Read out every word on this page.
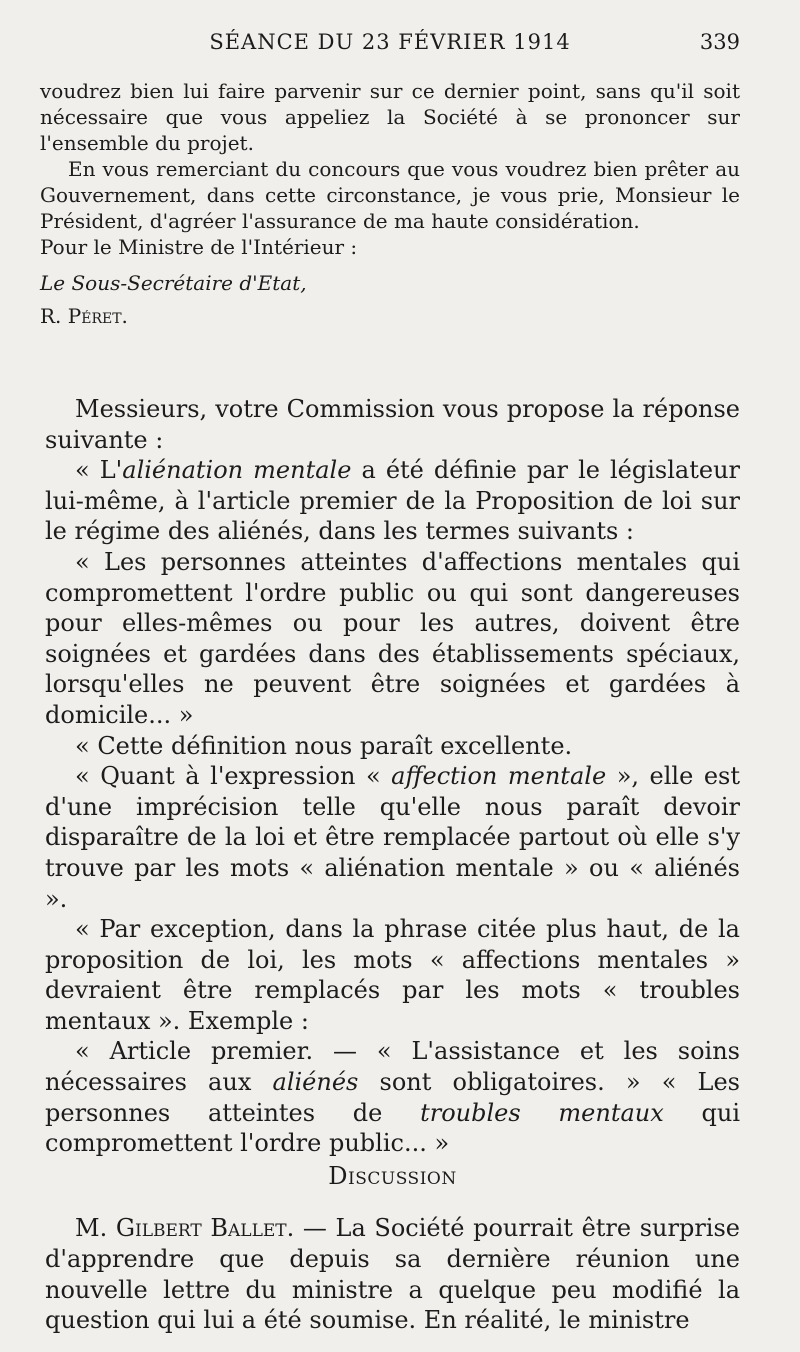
SÉANCE DU 23 FÉVRIER 1914	339

voudrez bien lui faire parvenir sur ce dernier point, sans qu'il soit nécessaire que vous appeliez la Société à se prononcer sur l'ensemble du projet.

En vous remerciant du concours que vous voudrez bien prêter au Gouvernement, dans cette circonstance, je vous prie, Monsieur le Président, d'agréer l'assurance de ma haute considération.

Pour le Ministre de l'Intérieur :

Le Sous-Secrétaire d'Etat,

R. Péret.

Messieurs, votre Commission vous propose la réponse suivante :

« L'aliénation mentale a été définie par le législateur lui-même, à l'article premier de la Proposition de loi sur le régime des aliénés, dans les termes suivants :

« Les personnes atteintes d'affections mentales qui compromettent l'ordre public ou qui sont dangereuses pour elles-mêmes ou pour les autres, doivent être soignées et gardées dans des établissements spéciaux, lorsqu'elles ne peuvent être soignées et gardées à domicile... »

« Cette définition nous paraît excellente.

« Quant à l'expression « affection mentale », elle est d'une imprécision telle qu'elle nous paraît devoir disparaître de la loi et être remplacée partout où elle s'y trouve par les mots « aliénation mentale » ou « aliénés ».

« Par exception, dans la phrase citée plus haut, de la proposition de loi, les mots « affections mentales » devraient être remplacés par les mots « troubles mentaux ». Exemple :

« Article premier. — « L'assistance et les soins nécessaires aux aliénés sont obligatoires. » « Les personnes atteintes de troubles mentaux qui compromettent l'ordre public... »

Discussion

M. Gilbert Ballet. — La Société pourrait être surprise d'apprendre que depuis sa dernière réunion une nouvelle lettre du ministre a quelque peu modifié la question qui lui a été soumise. En réalité, le ministre
